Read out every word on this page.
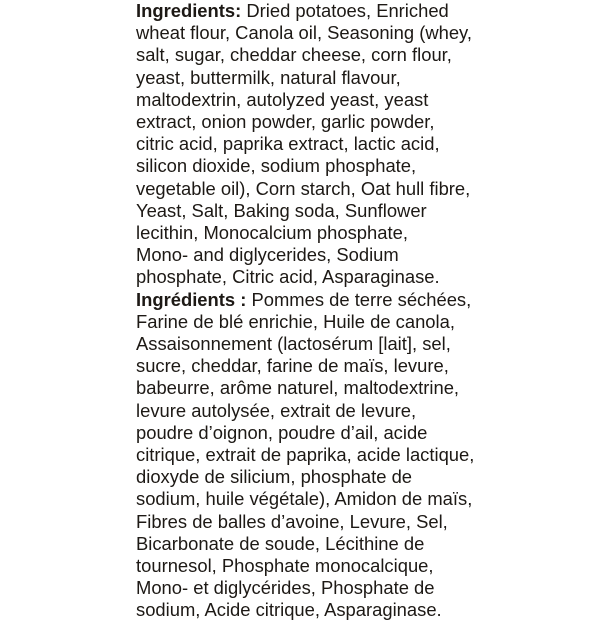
Ingredients: Dried potatoes, Enriched
wheat flour, Canola oil, Seasoning (whey,
salt, sugar, cheddar cheese, corn flour,
yeast, buttermilk, natural flavour,
maltodextrin, autolyzed yeast, yeast
extract, onion powder, garlic powder,
citric acid, paprika extract, lactic acid,
silicon dioxide, sodium phosphate,
vegetable oil), Corn starch, Oat hull fibre,
Yeast, Salt, Baking soda, Sunflower
lecithin, Monocalcium phosphate,
Mono- and diglycerides, Sodium
phosphate, Citric acid, Asparaginase.
Ingrédients : Pommes de terre séchées,
Farine de blé enrichie, Huile de canola,
Assaisonnement (lactosérum [lait], sel,
sucre, cheddar, farine de maïs, levure,
babeurre, arôme naturel, maltodextrine,
levure autolysée, extrait de levure,
poudre d’oignon, poudre d’ail, acide
citrique, extrait de paprika, acide lactique,
dioxyde de silicium, phosphate de
sodium, huile végétale), Amidon de maïs,
Fibres de balles d’avoine, Levure, Sel,
Bicarbonate de soude, Lécithine de
tournesol, Phosphate monocalcique,
Mono- et diglycérides, Phosphate de
sodium, Acide citrique, Asparaginase.
